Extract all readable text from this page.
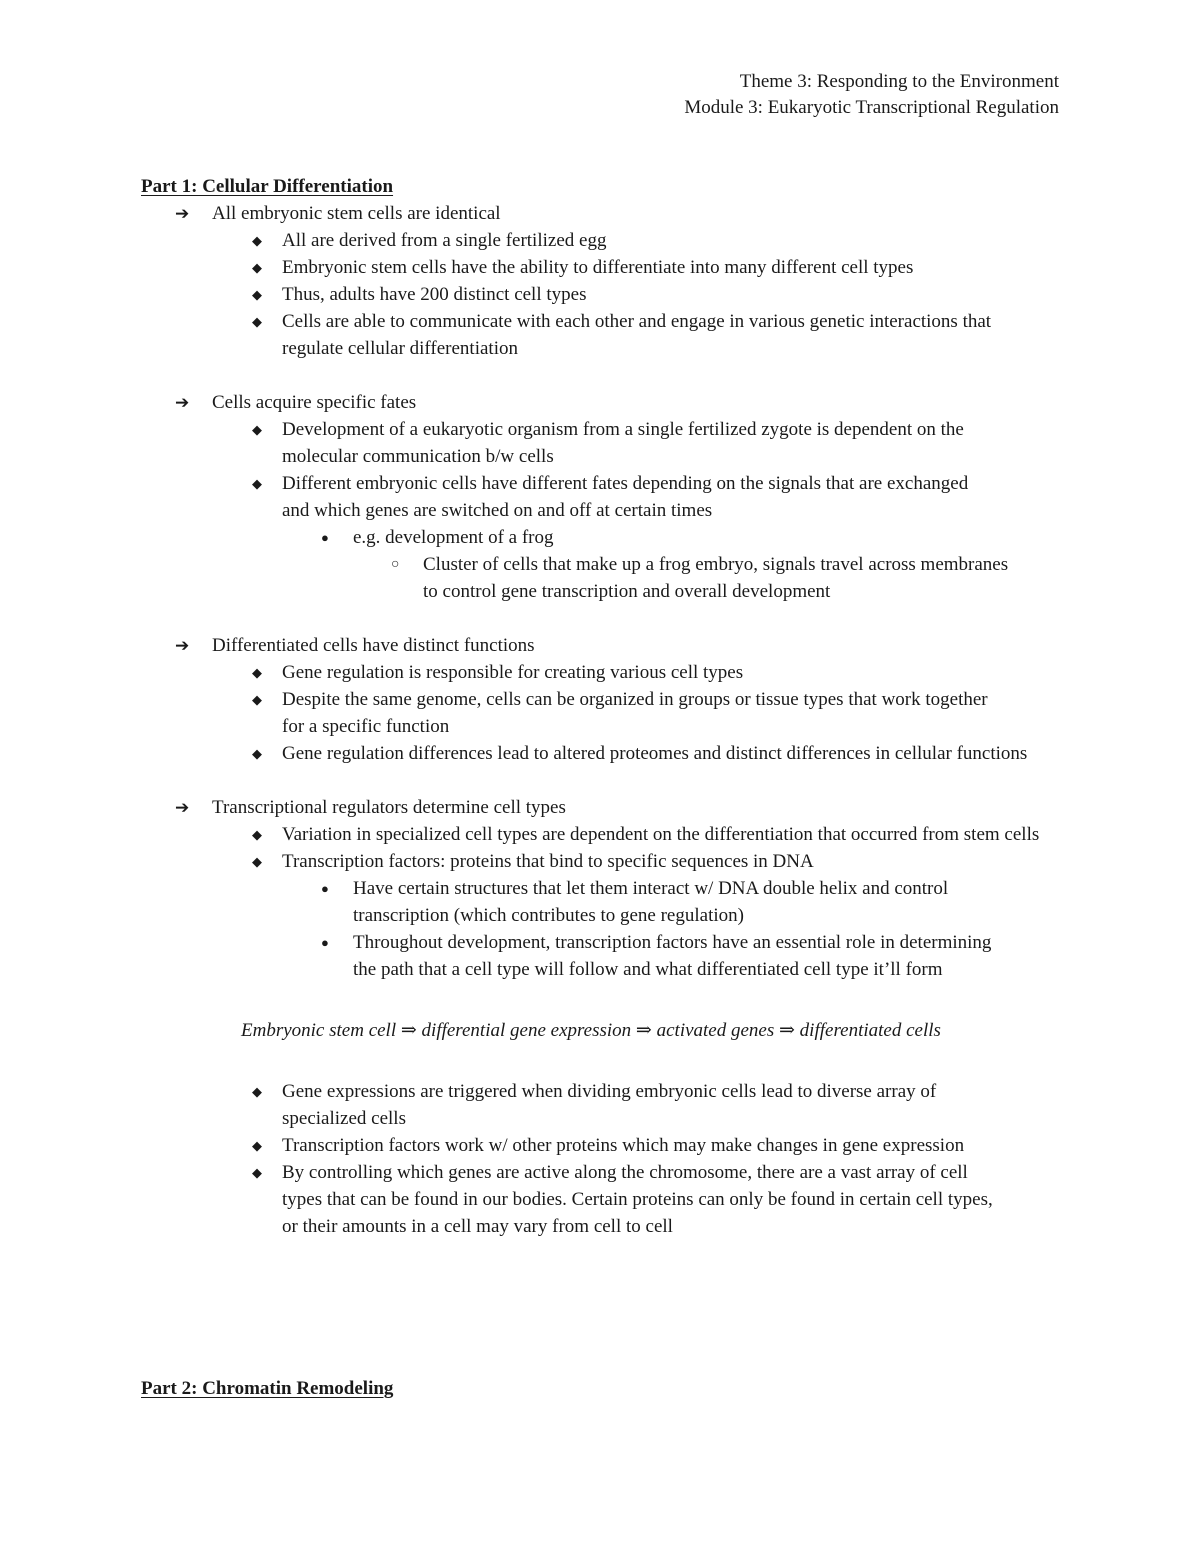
Theme 3: Responding to the Environment
Module 3: Eukaryotic Transcriptional Regulation
Part 1: Cellular Differentiation
➔ All embryonic stem cells are identical
◆ All are derived from a single fertilized egg
◆ Embryonic stem cells have the ability to differentiate into many different cell types
◆ Thus, adults have 200 distinct cell types
◆ Cells are able to communicate with each other and engage in various genetic interactions that
regulate cellular differentiation
➔ Cells acquire specific fates
◆ Development of a eukaryotic organism from a single fertilized zygote is dependent on the
molecular communication b/w cells
◆ Different embryonic cells have different fates depending on the signals that are exchanged
and which genes are switched on and off at certain times
● e.g. development of a frog
○ Cluster of cells that make up a frog embryo, signals travel across membranes
to control gene transcription and overall development
➔ Differentiated cells have distinct functions
◆ Gene regulation is responsible for creating various cell types
◆ Despite the same genome, cells can be organized in groups or tissue types that work together
for a specific function
◆ Gene regulation differences lead to altered proteomes and distinct differences in cellular functions
➔ Transcriptional regulators determine cell types
◆ Variation in specialized cell types are dependent on the differentiation that occurred from stem cells
◆ Transcription factors: proteins that bind to specific sequences in DNA
● Have certain structures that let them interact w/ DNA double helix and control
transcription (which contributes to gene regulation)
● Throughout development, transcription factors have an essential role in determining
the path that a cell type will follow and what differentiated cell type it’ll form
Embryonic stem cell ⇒ differential gene expression ⇒ activated genes ⇒ differentiated cells
◆ Gene expressions are triggered when dividing embryonic cells lead to diverse array of
specialized cells
◆ Transcription factors work w/ other proteins which may make changes in gene expression
◆ By controlling which genes are active along the chromosome, there are a vast array of cell
types that can be found in our bodies. Certain proteins can only be found in certain cell types,
or their amounts in a cell may vary from cell to cell
Part 2: Chromatin Remodeling
